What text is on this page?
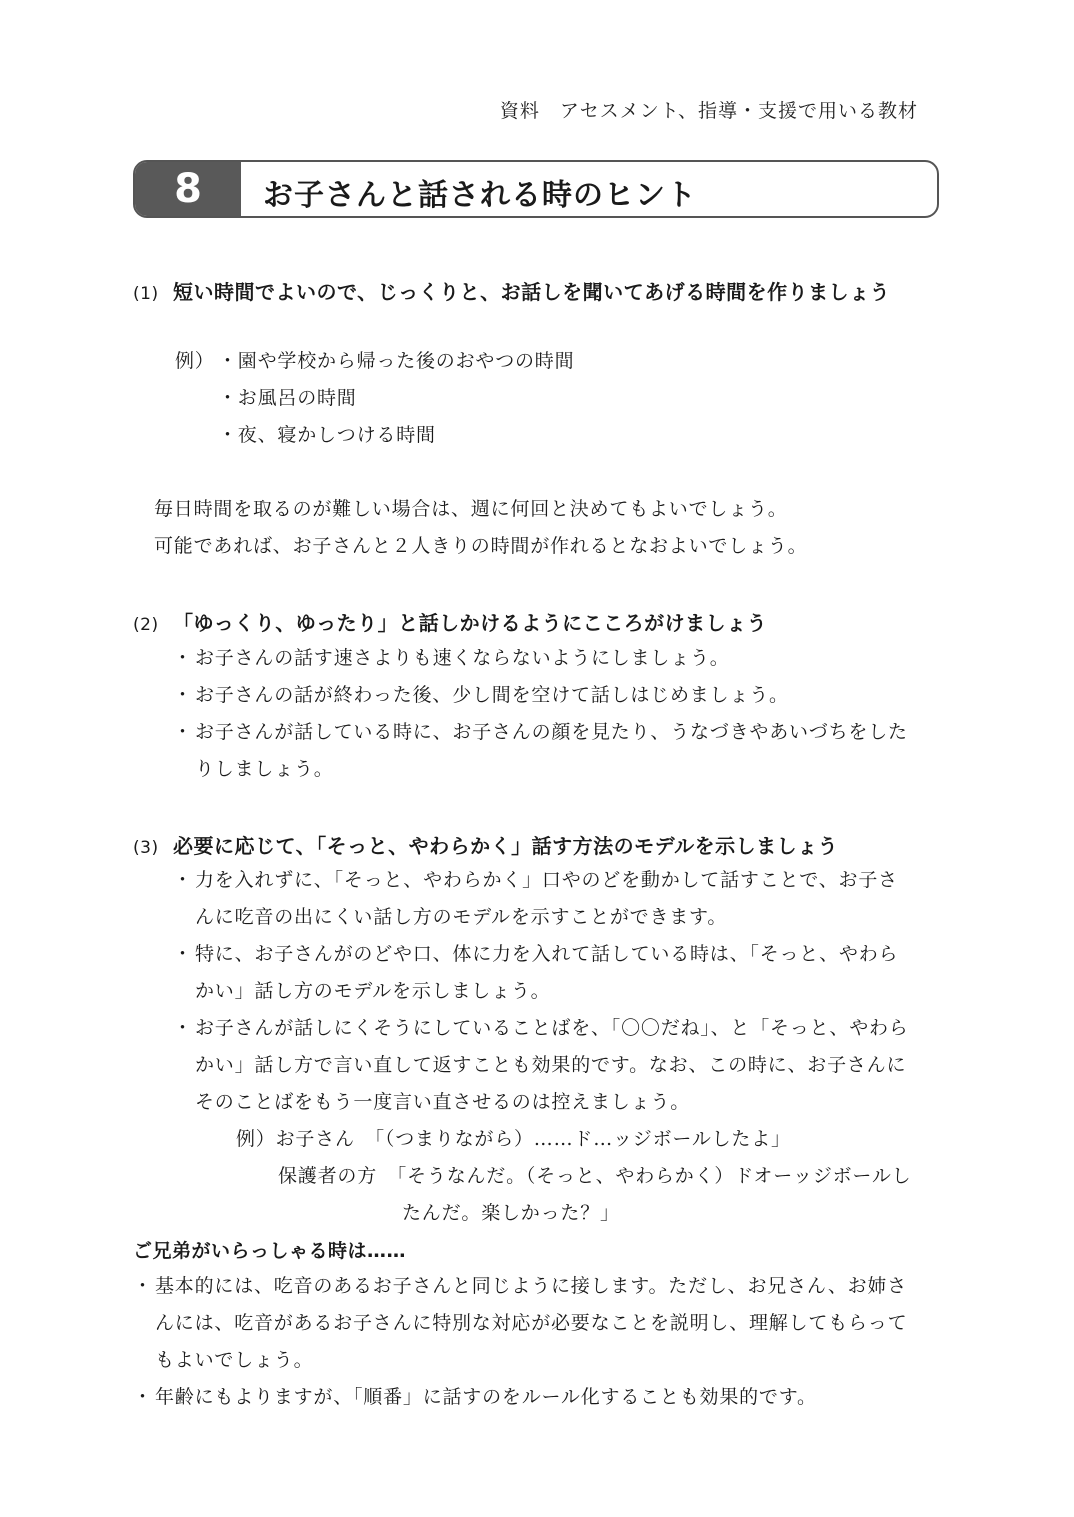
資料　アセスメント、指導・支援で用いる教材
8	お子さんと話される時のヒント
(1) 短い時間でよいので、じっくりと、お話しを聞いてあげる時間を作りましょう
例） ・園や学校から帰った後のおやつの時間
・お風呂の時間
・夜、寝かしつける時間
毎日時間を取るのが難しい場合は、週に何回と決めてもよいでしょう。
可能であれば、お子さんと２人きりの時間が作れるとなおよいでしょう。
(2) 「ゆっくり、ゆったり」と話しかけるようにこころがけましょう
・ お子さんの話す速さよりも速くならないようにしましょう。
・ お子さんの話が終わった後、少し間を空けて話しはじめましょう。
・ お子さんが話している時に、お子さんの顔を見たり、うなづきやあいづちをした
りしましょう。
(3) 必要に応じて、「そっと、やわらかく」話す方法のモデルを示しましょう
・ 力を入れずに、「そっと、やわらかく」口やのどを動かして話すことで、お子さ
んに吃音の出にくい話し方のモデルを示すことができます。
・ 特に、お子さんがのどや口、体に力を入れて話している時は、「そっと、やわら
かい」話し方のモデルを示しましょう。
・ お子さんが話しにくそうにしていることばを、「〇〇だね」、と「そっと、やわら
かい」話し方で言い直して返すことも効果的です。なお、この時に、お子さんに
そのことばをもう一度言い直させるのは控えましょう。
例）お子さん　「（つまりながら）……ド…ッジボールしたよ」
保護者の方　「そうなんだ。（そっと、やわらかく）ドオーッジボールし
たんだ。楽しかった？」
ご兄弟がいらっしゃる時は……
・ 基本的には、吃音のあるお子さんと同じように接します。ただし、お兄さん、お姉さ
んには、吃音があるお子さんに特別な対応が必要なことを説明し、理解してもらって
もよいでしょう。
・ 年齢にもよりますが、「順番」に話すのをルール化することも効果的です。
